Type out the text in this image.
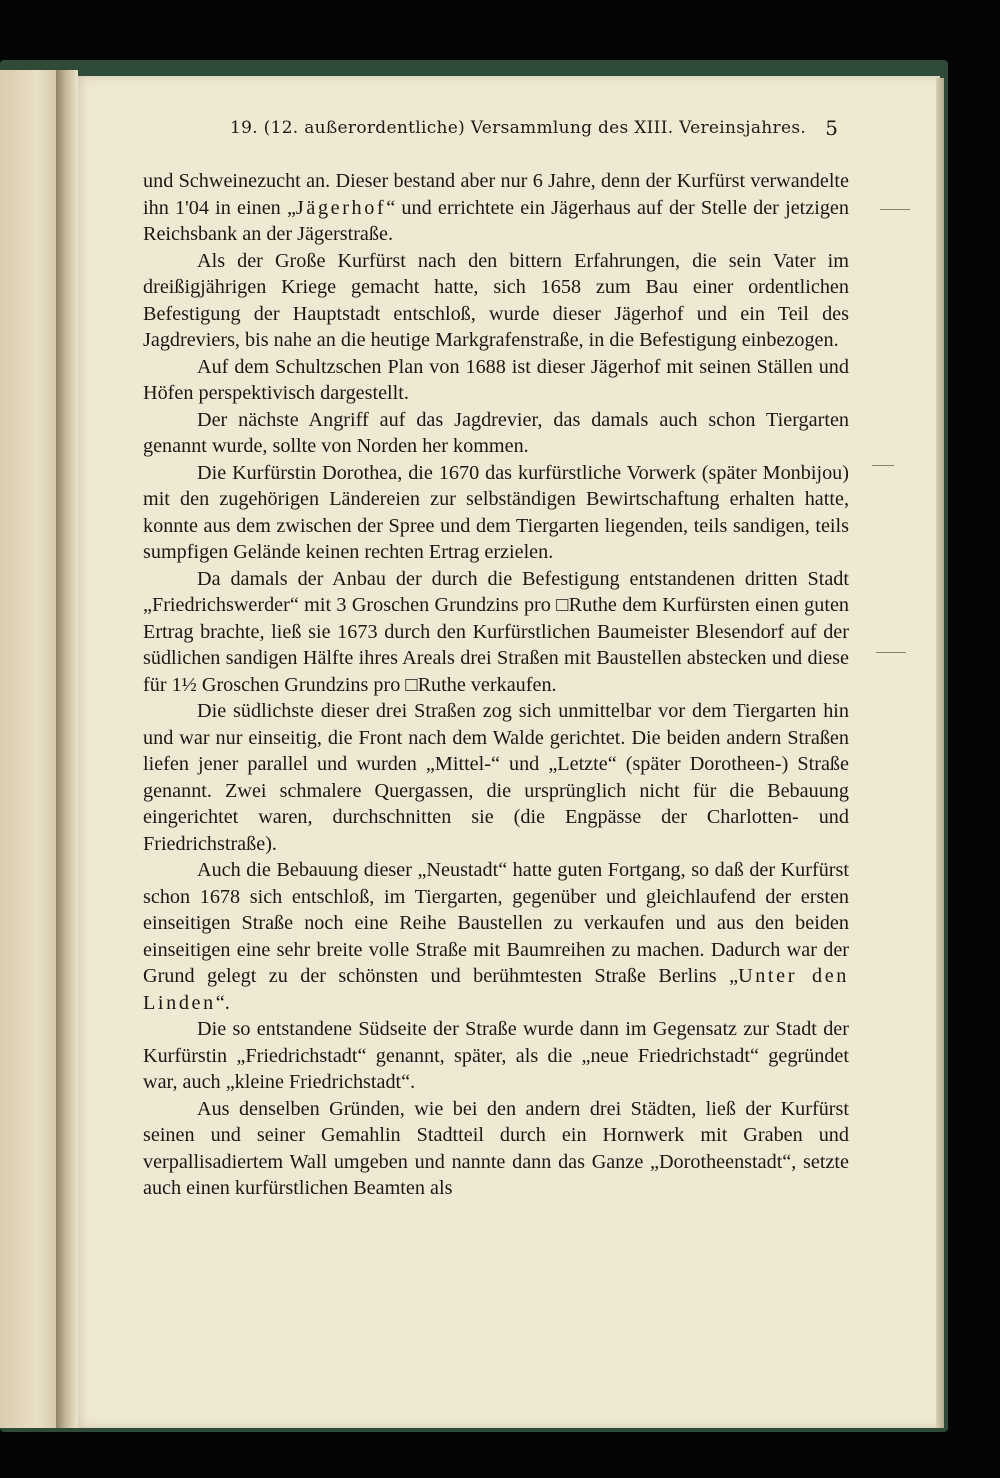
19. (12. außerordentliche) Versammlung des XIII. Vereinsjahres. 5

und Schweinezucht an. Dieser bestand aber nur 6 Jahre, denn der Kurfürst verwandelte ihn 1'04 in einen „Jägerhof“ und errichtete ein Jägerhaus auf der Stelle der jetzigen Reichsbank an der Jägerstraße.

Als der Große Kurfürst nach den bittern Erfahrungen, die sein Vater im dreißigjährigen Kriege gemacht hatte, sich 1658 zum Bau einer ordentlichen Befestigung der Hauptstadt entschloß, wurde dieser Jägerhof und ein Teil des Jagdreviers, bis nahe an die heutige Markgrafenstraße, in die Befestigung einbezogen.

Auf dem Schultzschen Plan von 1688 ist dieser Jägerhof mit seinen Ställen und Höfen perspektivisch dargestellt.

Der nächste Angriff auf das Jagdrevier, das damals auch schon Tiergarten genannt wurde, sollte von Norden her kommen.

Die Kurfürstin Dorothea, die 1670 das kurfürstliche Vorwerk (später Monbijou) mit den zugehörigen Ländereien zur selbständigen Bewirtschaftung erhalten hatte, konnte aus dem zwischen der Spree und dem Tiergarten liegenden, teils sandigen, teils sumpfigen Gelände keinen rechten Ertrag erzielen.

Da damals der Anbau der durch die Befestigung entstandenen dritten Stadt „Friedrichswerder“ mit 3 Groschen Grundzins pro □Ruthe dem Kurfürsten einen guten Ertrag brachte, ließ sie 1673 durch den Kurfürstlichen Baumeister Blesendorf auf der südlichen sandigen Hälfte ihres Areals drei Straßen mit Baustellen abstecken und diese für 1½ Groschen Grundzins pro □Ruthe verkaufen.

Die südlichste dieser drei Straßen zog sich unmittelbar vor dem Tiergarten hin und war nur einseitig, die Front nach dem Walde gerichtet. Die beiden andern Straßen liefen jener parallel und wurden „Mittel-“ und „Letzte“ (später Dorotheen-) Straße genannt. Zwei schmalere Quergassen, die ursprünglich nicht für die Bebauung eingerichtet waren, durchschnitten sie (die Engpässe der Charlotten- und Friedrichstraße).

Auch die Bebauung dieser „Neustadt“ hatte guten Fortgang, so daß der Kurfürst schon 1678 sich entschloß, im Tiergarten, gegenüber und gleichlaufend der ersten einseitigen Straße noch eine Reihe Baustellen zu verkaufen und aus den beiden einseitigen eine sehr breite volle Straße mit Baumreihen zu machen. Dadurch war der Grund gelegt zu der schönsten und berühmtesten Straße Berlins „Unter den Linden“.

Die so entstandene Südseite der Straße wurde dann im Gegensatz zur Stadt der Kurfürstin „Friedrichstadt“ genannt, später, als die „neue Friedrichstadt“ gegründet war, auch „kleine Friedrichstadt“.

Aus denselben Gründen, wie bei den andern drei Städten, ließ der Kurfürst seinen und seiner Gemahlin Stadtteil durch ein Hornwerk mit Graben und verpallisadiertem Wall umgeben und nannte dann das Ganze „Dorotheenstadt“, setzte auch einen kurfürstlichen Beamten als
